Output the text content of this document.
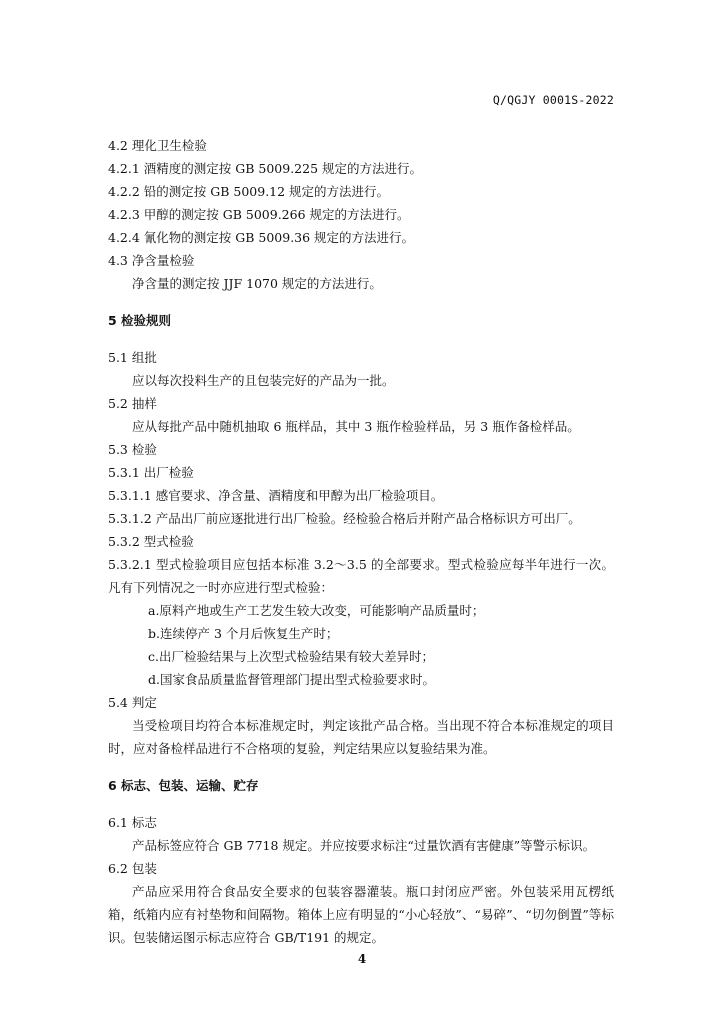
Q/QGJY 0001S-2022

4.2 理化卫生检验

4.2.1 酒精度的测定按 GB 5009.225 规定的方法进行。

4.2.2 铅的测定按 GB 5009.12 规定的方法进行。

4.2.3 甲醇的测定按 GB 5009.266 规定的方法进行。

4.2.4 氰化物的测定按 GB 5009.36 规定的方法进行。

4.3 净含量检验

净含量的测定按 JJF 1070 规定的方法进行。

5 检验规则

5.1 组批

应以每次投料生产的且包装完好的产品为一批。

5.2 抽样

应从每批产品中随机抽取 6 瓶样品，其中 3 瓶作检验样品，另 3 瓶作备检样品。

5.3 检验

5.3.1 出厂检验

5.3.1.1 感官要求、净含量、酒精度和甲醇为出厂检验项目。

5.3.1.2 产品出厂前应逐批进行出厂检验。经检验合格后并附产品合格标识方可出厂。

5.3.2 型式检验

5.3.2.1 型式检验项目应包括本标准 3.2～3.5 的全部要求。型式检验应每半年进行一次。凡有下列情况之一时亦应进行型式检验：

a.原料产地或生产工艺发生较大改变，可能影响产品质量时；

b.连续停产 3 个月后恢复生产时；

c.出厂检验结果与上次型式检验结果有较大差异时；

d.国家食品质量监督管理部门提出型式检验要求时。

5.4 判定

当受检项目均符合本标准规定时，判定该批产品合格。当出现不符合本标准规定的项目时，应对备检样品进行不合格项的复验，判定结果应以复验结果为准。

6 标志、包装、运输、贮存

6.1 标志

产品标签应符合 GB 7718 规定。并应按要求标注“过量饮酒有害健康”等警示标识。

6.2 包装

产品应采用符合食品安全要求的包装容器灌装。瓶口封闭应严密。外包装采用瓦楞纸箱，纸箱内应有衬垫物和间隔物。箱体上应有明显的“小心轻放”、“易碎”、“切勿倒置”等标识。包装储运图示标志应符合 GB/T191 的规定。

4
